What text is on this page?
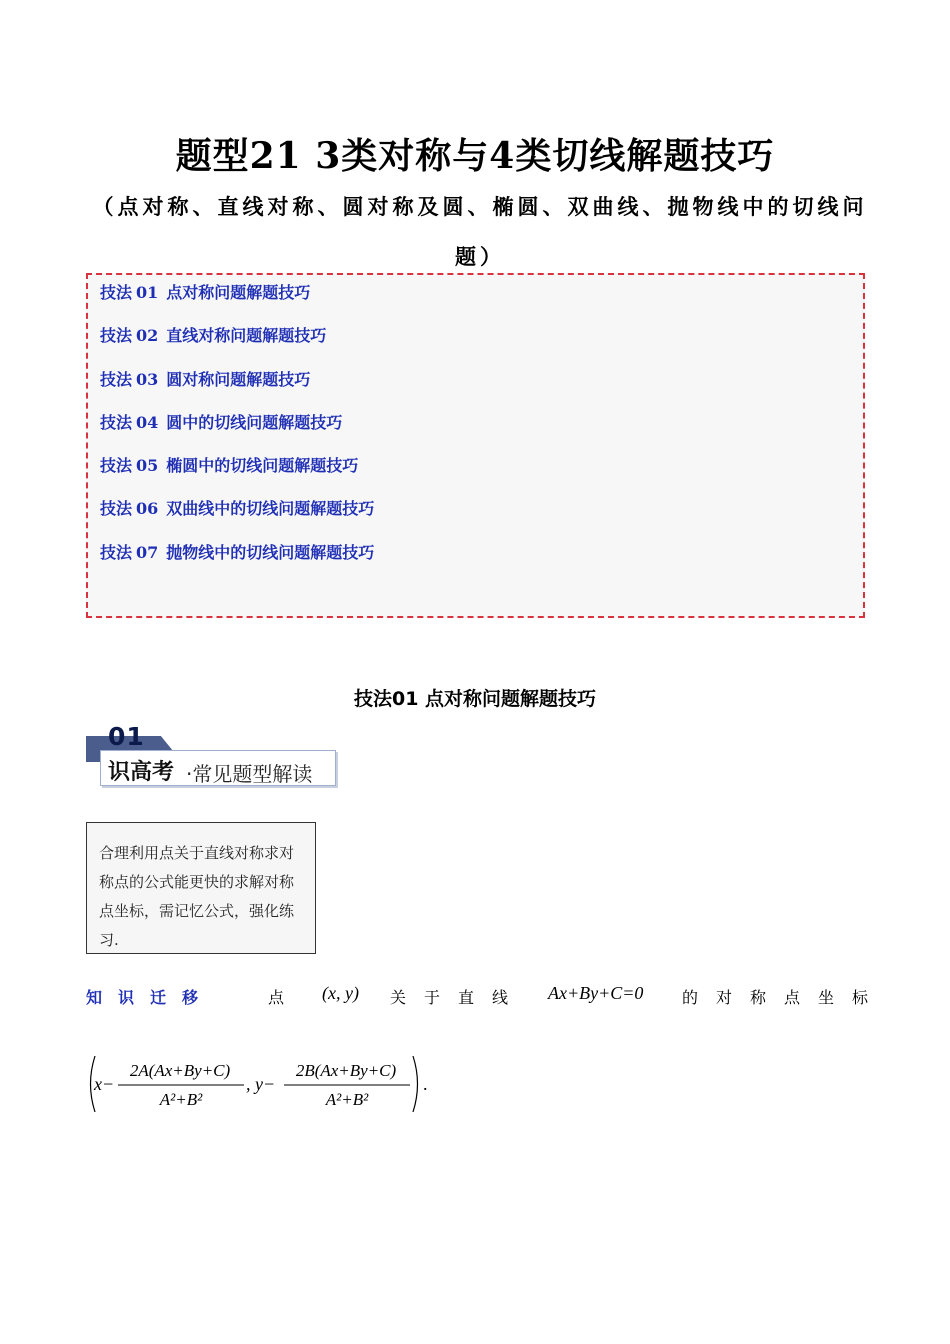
题型21 3类对称与4类切线解题技巧

（点对称、直线对称、圆对称及圆、椭圆、双曲线、抛物线中的切线问题）

技法 01 点对称问题解题技巧
技法 02 直线对称问题解题技巧
技法 03 圆对称问题解题技巧
技法 04 圆中的切线问题解题技巧
技法 05 椭圆中的切线问题解题技巧
技法 06 双曲线中的切线问题解题技巧
技法 07 抛物线中的切线问题解题技巧
技法01 点对称问题解题技巧
01
识高考 ·常见题型解读
合理利用点关于直线对称求对称点的公式能更快的求解对称点坐标，需记忆公式，强化练习.
知识迁移	点 (x, y) 关于直线 Ax+By+C=0 的对称点坐标
x−
2A(Ax+By+C)
A²+B²
, y−
2B(Ax+By+C)
A²+B²
.
